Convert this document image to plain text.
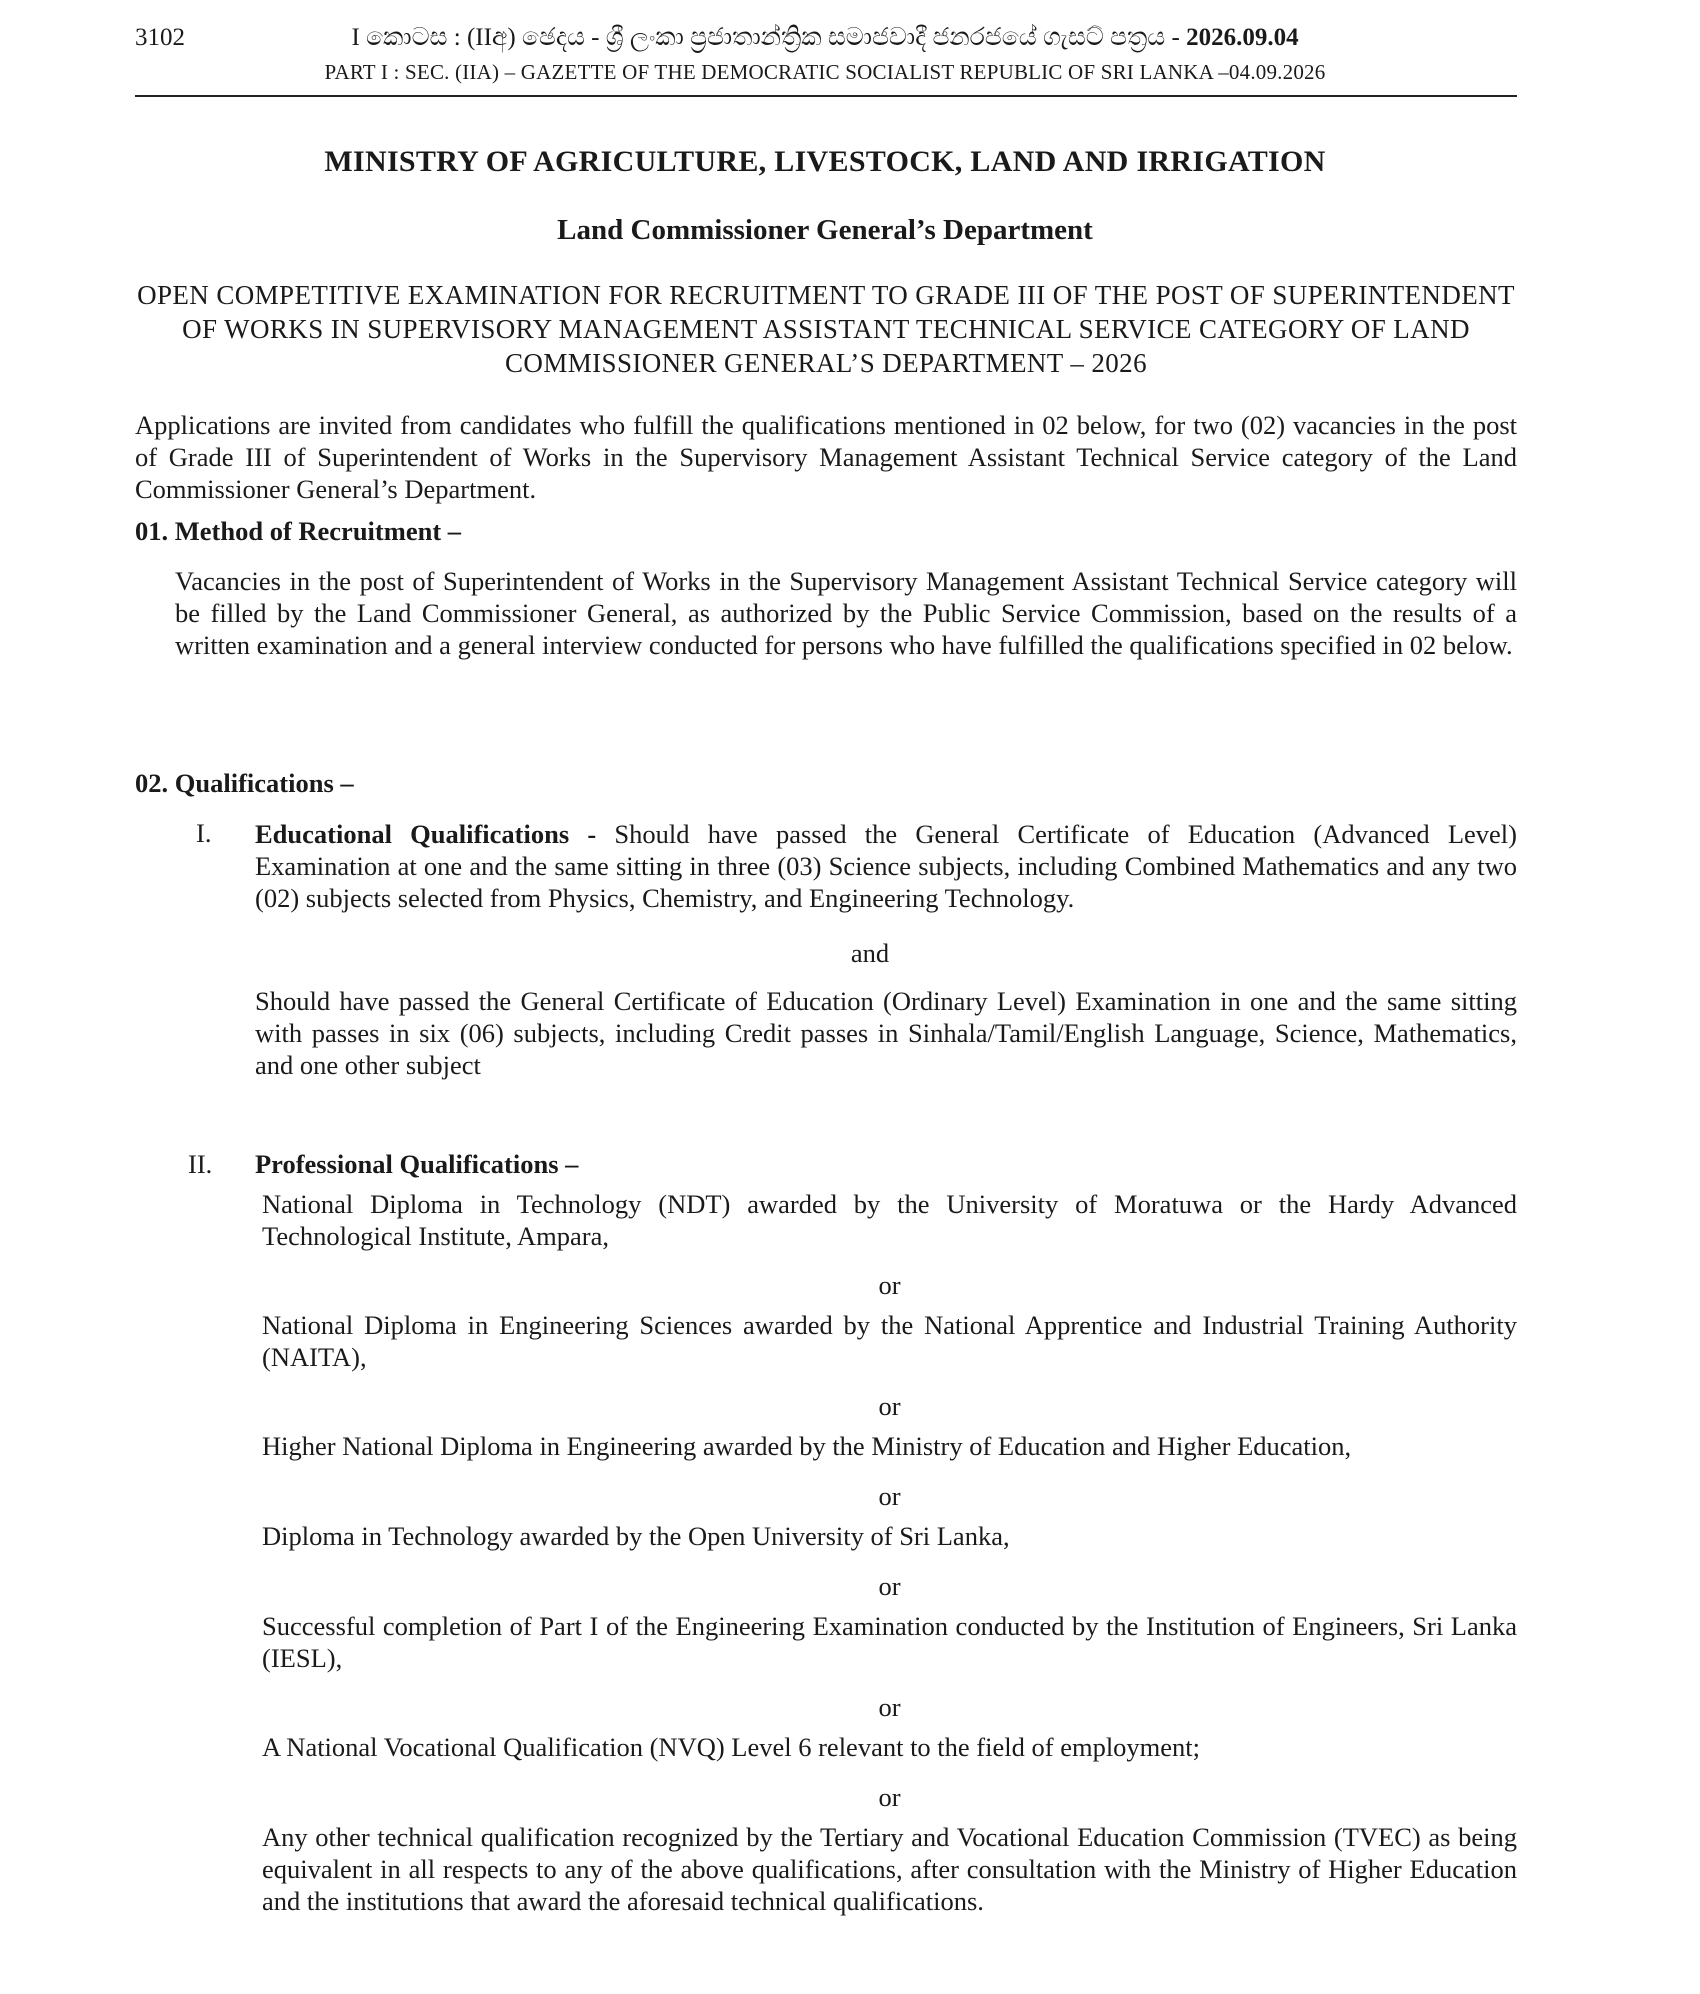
3102	I කොටස : (IIඅ) ඡෙදය - ශ්‍රී ලංකා ප්‍රජාතාන්ත්‍රික සමාජවාදී ජනරජයේ ගැසට් පත්‍රය - 2026.09.04
PART I : SEC. (IIA) – GAZETTE OF THE DEMOCRATIC SOCIALIST REPUBLIC OF SRI LANKA –04.09.2026
MINISTRY OF AGRICULTURE, LIVESTOCK, LAND AND IRRIGATION
Land Commissioner General’s Department
OPEN COMPETITIVE EXAMINATION FOR RECRUITMENT TO GRADE III OF THE POST OF SUPERINTENDENT OF WORKS IN SUPERVISORY MANAGEMENT ASSISTANT TECHNICAL SERVICE CATEGORY OF LAND COMMISSIONER GENERAL’S DEPARTMENT – 2026
Applications are invited from candidates who fulfill the qualifications mentioned in 02 below, for two (02) vacancies in the post of Grade III of Superintendent of Works in the Supervisory Management Assistant Technical Service category of the Land Commissioner General’s Department.
01. Method of Recruitment –
Vacancies in the post of Superintendent of Works in the Supervisory Management Assistant Technical Service category will be filled by the Land Commissioner General, as authorized by the Public Service Commission, based on the results of a written examination and a general interview conducted for persons who have fulfilled the qualifications specified in 02 below.
02. Qualifications –
I. Educational Qualifications - Should have passed the General Certificate of Education (Advanced Level) Examination at one and the same sitting in three (03) Science subjects, including Combined Mathematics and any two (02) subjects selected from Physics, Chemistry, and Engineering Technology.
and
Should have passed the General Certificate of Education (Ordinary Level) Examination in one and the same sitting with passes in six (06) subjects, including Credit passes in Sinhala/Tamil/English Language, Science, Mathematics, and one other subject
II. Professional Qualifications –
National Diploma in Technology (NDT) awarded by the University of Moratuwa or the Hardy Advanced Technological Institute, Ampara,
or
National Diploma in Engineering Sciences awarded by the National Apprentice and Industrial Training Authority (NAITA),
or
Higher National Diploma in Engineering awarded by the Ministry of Education and Higher Education,
or
Diploma in Technology awarded by the Open University of Sri Lanka,
or
Successful completion of Part I of the Engineering Examination conducted by the Institution of Engineers, Sri Lanka (IESL),
or
A National Vocational Qualification (NVQ) Level 6 relevant to the field of employment;
or
Any other technical qualification recognized by the Tertiary and Vocational Education Commission (TVEC) as being equivalent in all respects to any of the above qualifications, after consultation with the Ministry of Higher Education and the institutions that award the aforesaid technical qualifications.
